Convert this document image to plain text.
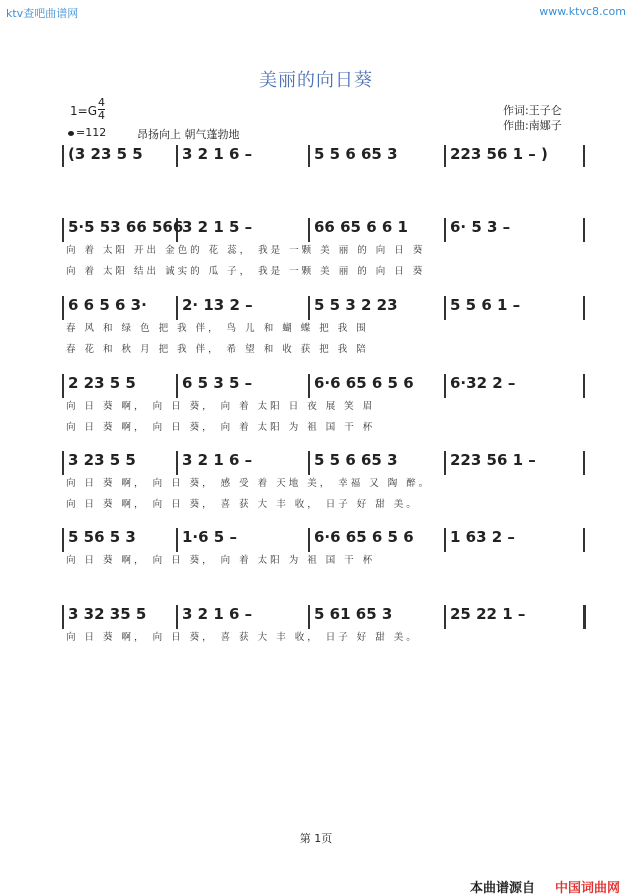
ktv查吧曲谱网	www.ktvc8.com
美丽的向日葵
1=G
4
4
=112	昂扬向上 朝气蓬勃地
作词:王子仑
作曲:南娜子
(3 23 5 5	3 2 1 6 –	5 5 6 65 3	223 56 1 – )
5·5 53 66 566
3 2 1 5 –	66 65 6 6 1	6· 5 3 –
向 着 太阳 开出 金色的 花 蕊， 我是 一颗 美 丽 的 向 日 葵
向 着 太阳 结出 诚实的 瓜 子， 我是 一颗 美 丽 的 向 日 葵
6 6 5 6 3· 2· 13 2 –	5 5 3 2 23	5 5 6 1 –
春 风 和 绿 色 把 我 伴， 鸟 儿 和 蝴 蝶 把 我 围
春 花 和 秋 月 把 我 伴， 希 望 和 收 获 把 我 陪
2 23 5 5	6 5 3 5 –	6·6 65 6 5 6 6·32 2 –
向 日 葵 啊， 向 日 葵， 向 着 太阳 日 夜 展 笑 眉
向 日 葵 啊， 向 日 葵， 向 着 太阳 为 祖 国 干 杯
3 23 5 5	3 2 1 6 –	5 5 6 65 3	223 56 1 –
向 日 葵 啊， 向 日 葵， 感 受 着 天地 美， 幸福 又 陶 醉。
向 日 葵 啊， 向 日 葵， 喜 获 大 丰 收， 日子 好 甜 美。
5 56 5 3	1·6 5 –	6·6 65 6 5 6 1 63 2 –
向 日 葵 啊， 向 日 葵， 向 着 太阳 为 祖 国 干 杯
3 32 35 5 3 2 1 6 –	5 61 65 3	25 22 1 –
向 日 葵 啊， 向 日 葵， 喜 获 大 丰 收， 日子 好 甜 美。
第 1页
本曲谱源自 中国词曲网
